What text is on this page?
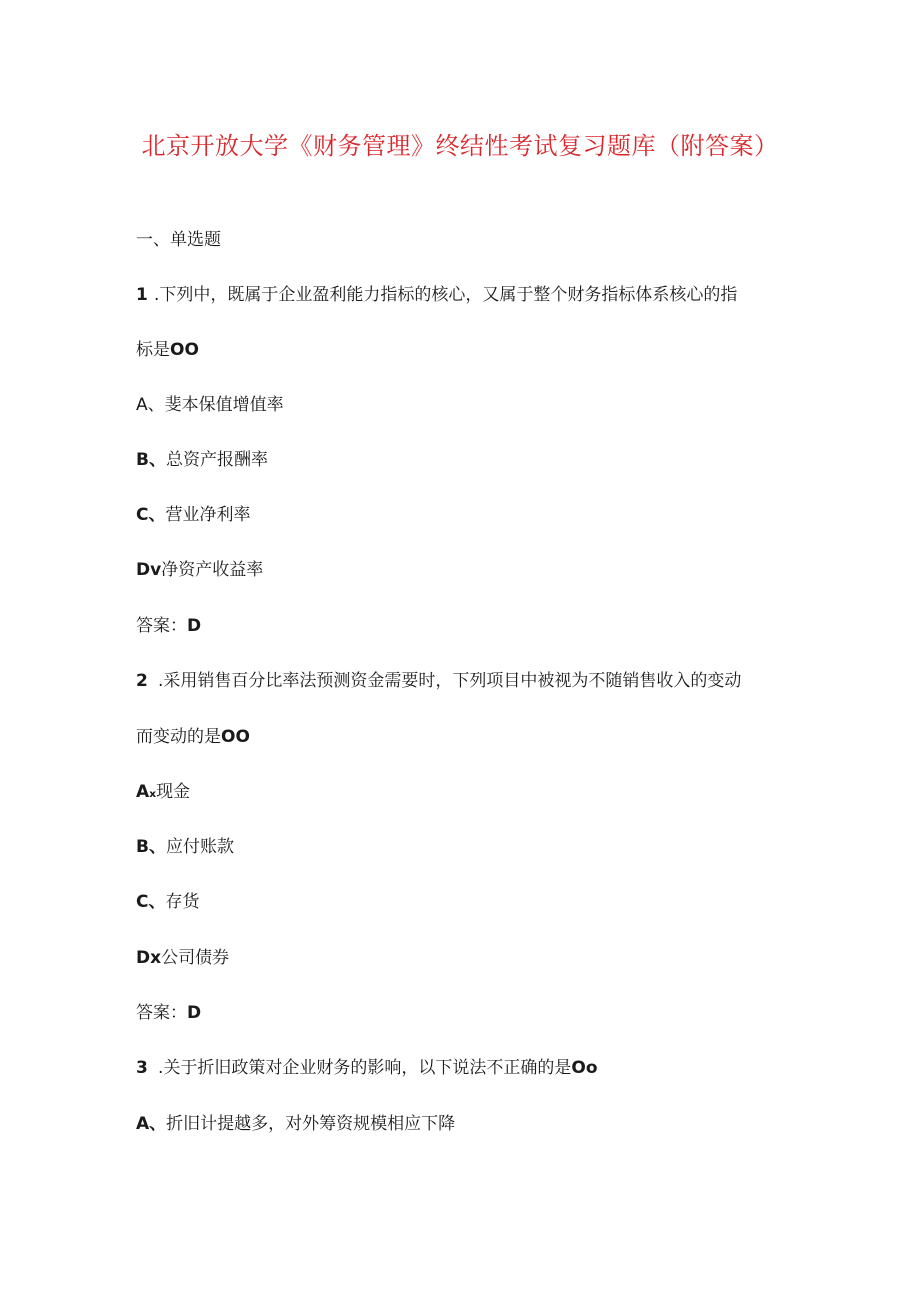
北京开放大学《财务管理》终结性考试复习题库（附答案）
一、单选题
1 .下列中，既属于企业盈利能力指标的核心，又属于整个财务指标体系核心的指
标是OO
A、斐本保值增值率
B、总资产报酬率
C、营业净利率
Dv净资产收益率
答案：D
2 .采用销售百分比率法预测资金需要时，下列项目中被视为不随销售收入的变动
而变动的是OO
Aₓ现金
B、应付账款
C、存货
Dx公司债券
答案：D
3 .关于折旧政策对企业财务的影响，以下说法不正确的是Oo
A、折旧计提越多，对外筹资规模相应下降
